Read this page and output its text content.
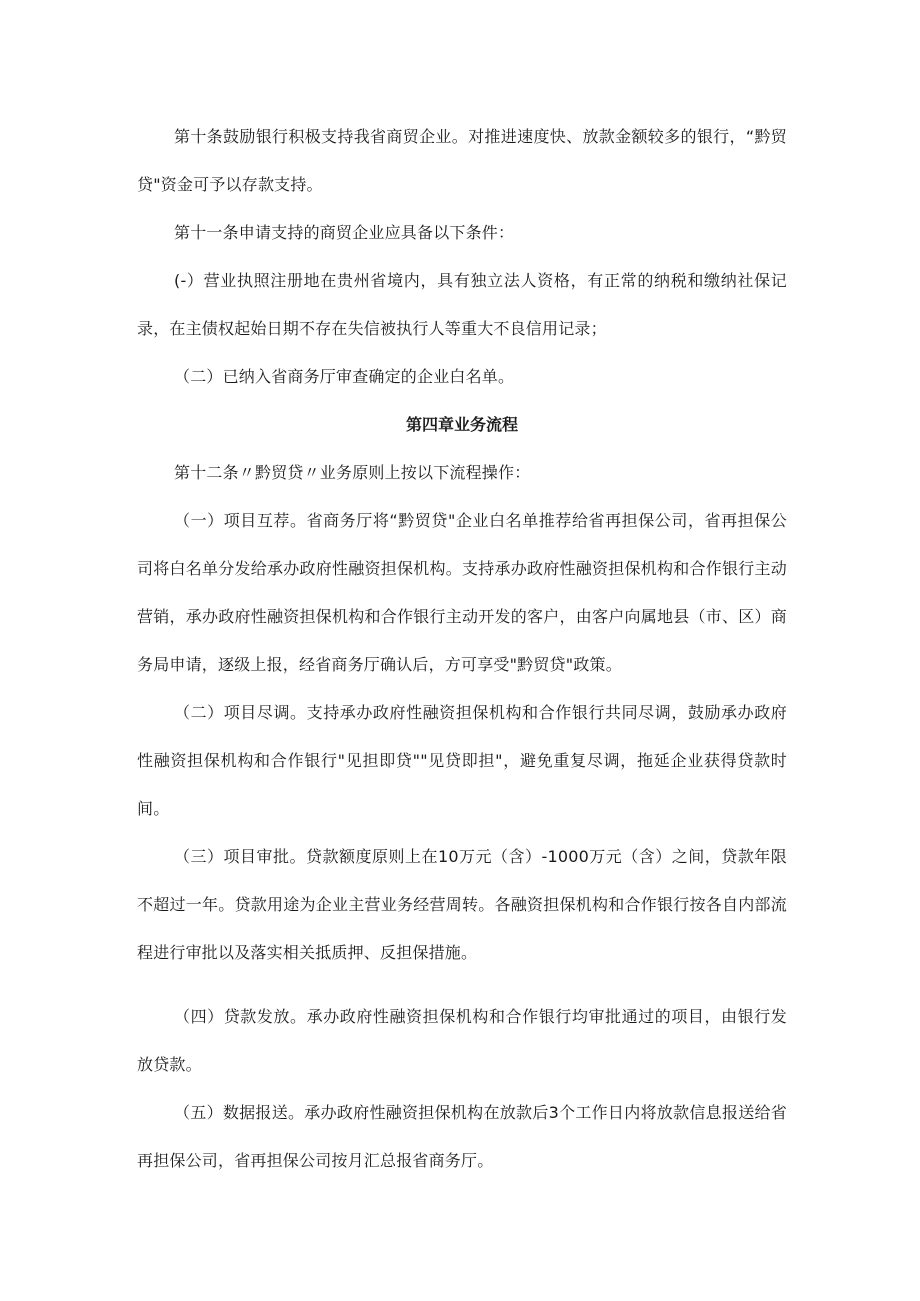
第十条鼓励银行积极支持我省商贸企业。对推进速度快、放款金额较多的银行，“黔贸贷"资金可予以存款支持。

第十一条申请支持的商贸企业应具备以下条件：

(-）营业执照注册地在贵州省境内，具有独立法人资格，有正常的纳税和缴纳社保记录，在主债权起始日期不存在失信被执行人等重大不良信用记录；

（二）已纳入省商务厅审查确定的企业白名单。

第四章业务流程

第十二条〃黔贸贷〃业务原则上按以下流程操作：

（一）项目互荐。省商务厅将“黔贸贷"企业白名单推荐给省再担保公司，省再担保公司将白名单分发给承办政府性融资担保机构。支持承办政府性融资担保机构和合作银行主动营销，承办政府性融资担保机构和合作银行主动开发的客户，由客户向属地县（市、区）商务局申请，逐级上报，经省商务厅确认后，方可享受"黔贸贷"政策。

（二）项目尽调。支持承办政府性融资担保机构和合作银行共同尽调，鼓励承办政府性融资担保机构和合作银行"见担即贷""见贷即担"，避免重复尽调，拖延企业获得贷款时间。

（三）项目审批。贷款额度原则上在10万元（含）-1000万元（含）之间，贷款年限不超过一年。贷款用途为企业主营业务经营周转。各融资担保机构和合作银行按各自内部流程进行审批以及落实相关抵质押、反担保措施。

（四）贷款发放。承办政府性融资担保机构和合作银行均审批通过的项目，由银行发放贷款。

（五）数据报送。承办政府性融资担保机构在放款后3个工作日内将放款信息报送给省再担保公司，省再担保公司按月汇总报省商务厅。
